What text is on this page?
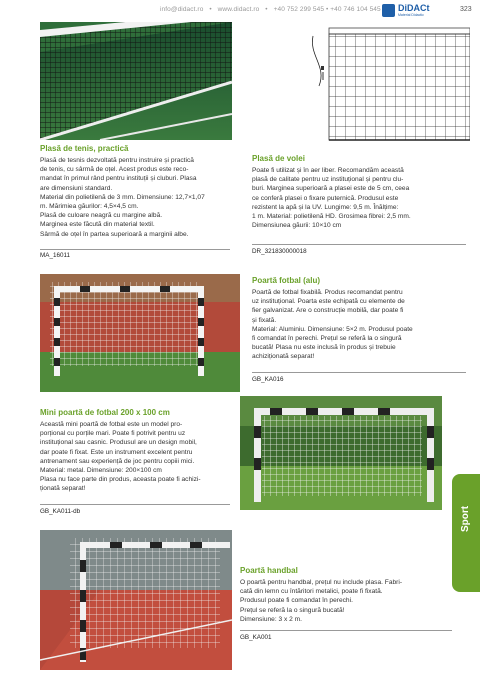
info@didact.ro • www.didact.ro • +40 752 299 545 • +40 746 104 545	DiDACt
Material Didactic
323
Plasă de tenis, practică
Plasă de tesnis dezvoltată pentru instruire și practică
de tenis, cu sârmă de oțel. Acest produs este reco-
mandat în primul rând pentru instituții și cluburi. Plasa
are dimensiuni standard.
Material din polietilenă de 3 mm. Dimensiune: 12,7×1,07
m. Mărimiea găurilor: 4,5×4,5 cm.
Plasă de culoare neagră cu margine albă.
Marginea este făcută din material textil.
Sârmă de oțel în partea superioară a marginii albe.
MA_16011
Plasă de volei
Poate fi utilizat și în aer liber. Recomandăm această
plasă de calitate pentru uz instituțional și pentru clu-
buri. Marginea superioară a plasei este de 5 cm, ceea
ce conferă plasei o fixare puternică. Produsul este
rezistent la apă și la UV. Lungime: 9,5 m. Înălțime:
1 m. Material: polietilenă HD. Grosimea fibrei: 2,5 mm.
Dimensiunea găurii: 10×10 cm
DR_321830000018
Poartă fotbal (alu)
Poartă de fotbal fixabilă. Produs recomandat pentru
uz instituțional. Poarta este echipată cu elemente de
fier galvanizat. Are o construcție mobilă, dar poate fi
și fixată.
Material: Aluminiu. Dimensiune: 5×2 m. Produsul poate
fi comandat în perechi. Prețul se referă la o singură
bucată! Plasa nu este inclusă în produs și trebuie
achiziționată separat!
GB_KA016
Mini poartă de fotbal 200 x 100 cm
Această mini poartă de fotbal este un model pro-
porțional cu porțile mari. Poate fi potrivit pentru uz
instituțional sau casnic. Produsul are un design mobil,
dar poate fi fixat. Este un instrument excelent pentru
antrenament sau experiență de joc pentru copiii mici.
Material: metal. Dimensiune: 200×100 cm
Plasa nu face parte din produs, aceasta poate fi achizi-
ționată separat!
GB_KA011-db
Poartă handbal
O poartă pentru handbal, prețul nu include plasa. Fabri-
cată din lemn cu întăritori metalici, poate fi fixată.
Produsul poate fi comandat în perechi.
Prețul se referă la o singură bucată!
Dimensiune: 3 x 2 m.
GB_KA001
Sport
